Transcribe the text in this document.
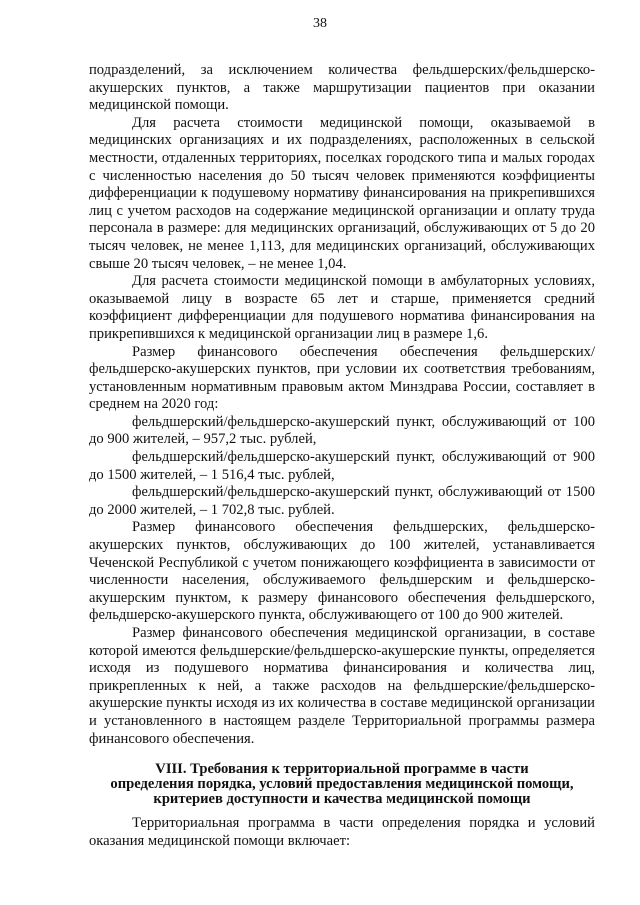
38

подразделений, за исключением количества фельдшерских/фельдшерско-акушерских пунктов, а также маршрутизации пациентов при оказании медицинской помощи.

Для расчета стоимости медицинской помощи, оказываемой в медицинских организациях и их подразделениях, расположенных в сельской местности, отдаленных территориях, поселках городского типа и малых городах с численностью населения до 50 тысяч человек применяются коэффициенты дифференциации к подушевому нормативу финансирования на прикрепившихся лиц с учетом расходов на содержание медицинской организации и оплату труда персонала в размере: для медицинских организаций, обслуживающих от 5 до 20 тысяч человек, не менее 1,113, для медицинских организаций, обслуживающих свыше 20 тысяч человек, – не менее 1,04.

Для расчета стоимости медицинской помощи в амбулаторных условиях, оказываемой лицу в возрасте 65 лет и старше, применяется средний коэффициент дифференциации для подушевого норматива финансирования на прикрепившихся к медицинской организации лиц в размере 1,6.

Размер финансового обеспечения обеспечения фельдшерских/фельдшерско-акушерских пунктов, при условии их соответствия требованиям, установленным нормативным правовым актом Минздрава России, составляет в среднем на 2020 год:

фельдшерский/фельдшерско-акушерский пункт, обслуживающий от 100 до 900 жителей, – 957,2 тыс. рублей,

фельдшерский/фельдшерско-акушерский пункт, обслуживающий от 900 до 1500 жителей, – 1 516,4 тыс. рублей,

фельдшерский/фельдшерско-акушерский пункт, обслуживающий от 1500 до 2000 жителей, – 1 702,8 тыс. рублей.

Размер финансового обеспечения фельдшерских, фельдшерско-акушерских пунктов, обслуживающих до 100 жителей, устанавливается Чеченской Республикой с учетом понижающего коэффициента в зависимости от численности населения, обслуживаемого фельдшерским и фельдшерско-акушерским пунктом, к размеру финансового обеспечения фельдшерского, фельдшерско-акушерского пункта, обслуживающего от 100 до 900 жителей.

Размер финансового обеспечения медицинской организации, в составе которой имеются фельдшерские/фельдшерско-акушерские пункты, определяется исходя из подушевого норматива финансирования и количества лиц, прикрепленных к ней, а также расходов на фельдшерские/фельдшерско-акушерские пункты исходя из их количества в составе медицинской организации и установленного в настоящем разделе Территориальной программы размера финансового обеспечения.

VIII. Требования к территориальной программе в части
определения порядка, условий предоставления медицинской помощи,
критериев доступности и качества медицинской помощи

Территориальная программа в части определения порядка и условий оказания медицинской помощи включает:
